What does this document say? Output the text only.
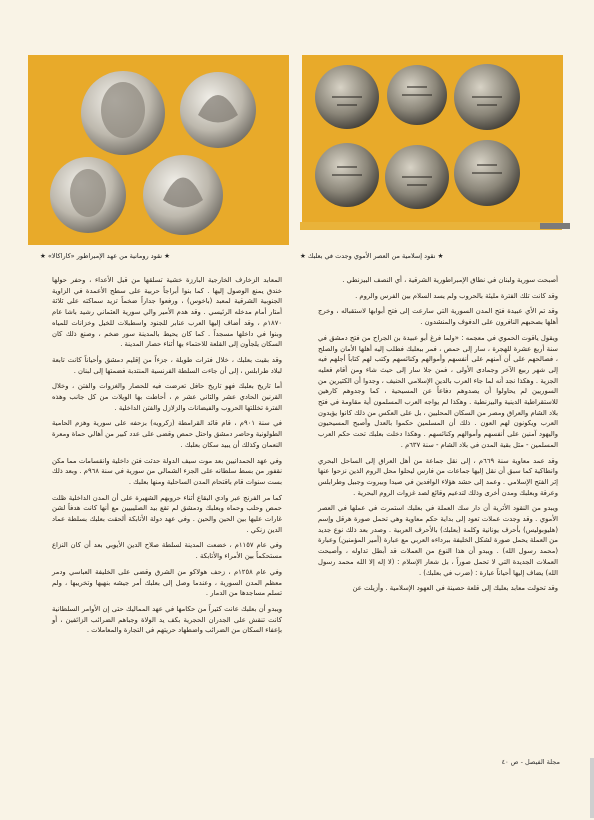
★ نقود رومانية من عهد الإمبراطور «كاراكالا» ★	★ نقود إسلامية من العصر الأموي وجدت في بعلبك ★

المعابد الزخارف الخارجية البارزة خشية تسلقها من قبل الأعداء ، وحفر حولها خندق يمنع الوصول إليها . كما بنوا أبراجاً حربية على سطح الأعمدة في الزاوية الجنوبية الشرقية لمعبد (باخوس) ، ورفعوا جداراً ضخماً تزيد سماكته على ثلاثة أمتار أمام مدخله الرئيسي . وقد هدم الأمير والي سورية العثماني رشيد باشا عام ١٨٧٠م ، وقد أضاف إليها العرب عنابر للجنود واسطبلات للخيل وخزانات للمياه وبنوا في داخلها مسجداً . كما كان يحيط بالمدينة سور ضخم ، وصنع ذلك كان السكان يلجأون إلى القلعة للاحتماء بها أثناء حصار المدينة .

وقد بقيت بعلبك ، خلال فترات طويلة ، جزءاً من إقليم دمشق وأحياناً كانت تابعة لبلاد طرابلس ، إلى أن جاءت السلطة الفرنسية المنتدبة فضمتها إلى لبنان .

أما تاريخ بعلبك فهو تاريخ حافل تعرضت فيه للحصار والغزوات والفتن ، وخلال القرنين الحادي عشر والثاني عشر م ، أحاطت بها الويلات من كل جانب وهذه الفترة تخللتها الحروب والفيضانات والزلازل والفتن الداخلية .

في سنة ٩٠١م ، قام قائد القرامطة (زكرويه) بزحفه على سورية وهزم الحامية الطولونية وحاصر دمشق واحتل حمص وقضى على عدد كبير من أهالي حماة ومعرة النعمان وكذلك أن يبيد سكان بعلبك .

وفي عهد الحمدانيين بعد موت سيف الدولة حدثت فتن داخلية وانقسامات مما مكن نقفور من بسط سلطانه على الجزء الشمالي من سورية في سنة ٩٦٨م . وبعد ذلك بست سنوات قام باقتحام المدن الساحلية ومنها بعلبك .

كما مر الفرنج عبر وادي البقاع أثناء حروبهم الشهيرة على أن المدن الداخلية ظلت حمص وحلب وحماه وبعلبك ودمشق لم تقع بيد الصليبيين مع أنها كانت هدفاً لشن غارات عليها بين الحين والحين . وفي عهد دولة الأتابكة ألحقت بعلبك بسلطة عماد الدين زنكي .

وفي عام ١١٥٧م ، خضعت المدينة لسلطة صلاح الدين الأيوبي بعد أن كان النزاع مستحكماً بين الأمراء والأتابكة .

وفي عام ١٢٥٨م ، زحف هولاكو من الشرق وقضى على الخليفة العباسي ودمر معظم المدن السورية ، وعندما وصل إلى بعلبك أمر جيشه بنهبها وتخريبها ، ولم تسلم مساجدها من الدمار .

ويبدو أن بعلبك عانت كثيراً من حكامها في عهد المماليك حتى إن الأوامر السلطانية كانت تنقش على الجدران الحجرية بكف يد الولاة وجباهم الضرائب الزائفين ، أو بإعفاء السكان من الضرائب واضطهاد حريتهم في التجارة والمعاملات .

أصبحت سورية ولبنان في نطاق الإمبراطورية الشرقية ، أي النصف البيزنطي .

وقد كانت تلك الفترة مليئة بالحروب ولم يسد السلام بين الفرس والروم .

وقد تم الأي عبيدة فتح المدن السورية التي سارعت إلى فتح أبوابها لاستقباله ، وخرج أهلها بصحبهم النافرون على الدفوف والمنشدون .

ويقول ياقوت الحموي في معجمه : «ولما فرغ أبو عبيدة بن الجراح من فتح دمشق في سنة أربع عشرة للهجرة ، سار إلى حمص ، فمر ببعلبك فطلب إليه أهلها الأمان والصلح ، فصالحهم على أن آمنهم على أنفسهم وأموالهم وكنائسهم وكتب لهم كتاباً أجلهم فيه إلى شهر ربيع الآخر وجمادى الأولى ، فمن جلا سار إلى حيث شاء ومن أقام فعليه الجزية . وهكذا نجد أنه لما جاء العرب بالدين الإسلامي الحنيف ، وجدوا أن الكثيرين من السوريين لم يحاولوا أن يصدوهم دفاعاً عن المسيحية ، كما وجدوهم كارهين للاستقراطية الدينية والبيزنطية . وهكذا لم يواجه العرب المسلمون أية مقاومة في فتح بلاد الشام والعراق ومصر من السكان المحليين ، بل على العكس من ذلك كانوا يؤيدون العرب ويكونون لهم العون . ذلك أن المسلمين حكموا بالعدل وأصبح المسيحيون واليهود آمنين على أنفسهم وأموالهم وكنائسهم . وهكذا دخلت بعلبك تحت حكم العرب المسلمين - مثل بقية المدن في بلاد الشام - سنة ٦٣٧م .

وقد عمد معاوية سنة ٦٦٩م ، إلى نقل جماعة من أهل العراق إلى الساحل البحري وانطاكية كما سبق أن نقل إليها جماعات من فارس ليحلوا محل الروم الذين نزحوا عنها إثر الفتح الإسلامي . وعمد إلى حشد هؤلاء الوافدين في صيدا وبيروت وجبيل وطرابلس وعرقة وبعلبك ومدن أخرى وذلك لتدعيم وقائع لصد غزوات الروم البحرية .

ويبدو من النقود الأثرية أن دار سك العملة في بعلبك استمرت في عملها في العصر الأموي . وقد وجدت عملات تعود إلى بداية حكم معاوية وهي تحمل صورة هرقل وإسم (هليوبوليس) بأحرف يونانية وكلمة (بعلبك) بالأحرف العربية . وصدر بعد ذلك نوع جديد من العملة يحمل صورة لشكل الخليفة ببرداءه العربي مع عبارة (أمير المؤمنين) وعبارة (محمد رسول الله) . ويبدو أن هذا النوع من العملات قد أبطل تداوله ، وأصبحت العملات الجديدة التي لا تحمل صوراً ، بل شعار الإسلام : (لا إله إلا الله محمد رسول الله) يضاف إليها أحياناً عبارة : (ضرب في بعلبك) .

وقد تحولت معابد بعلبك إلى قلعة حصينة في العهود الإسلامية . وأزيلت عن

مجلة الفيصل - ص ٤٠
